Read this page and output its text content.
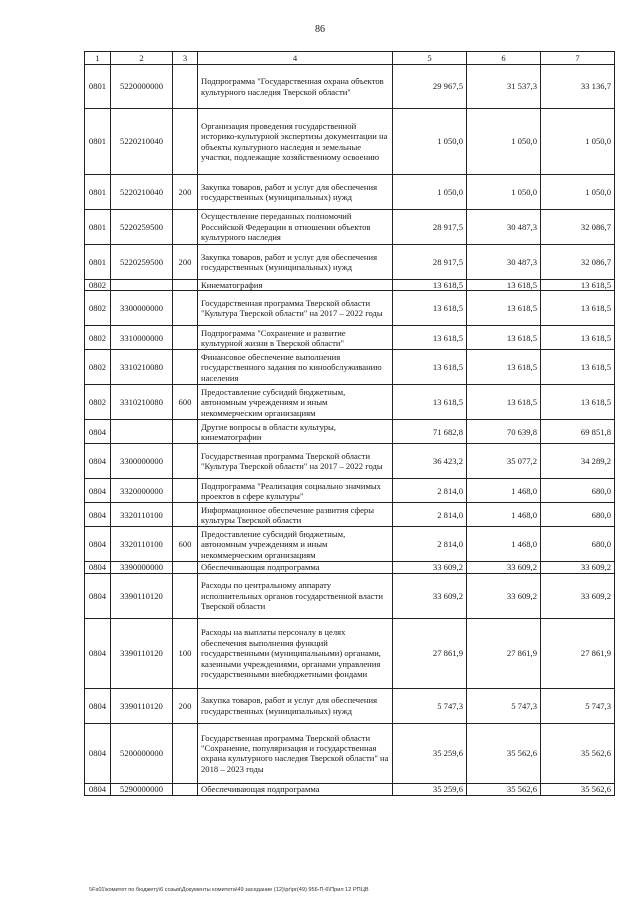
86
1	2	3	4	5	6	7
0801	5220000000		Подпрограмма "Государственная охрана объектов культурного наследия Тверской области"	29 967,5	31 537,3	33 136,7
0801	5220210040		Организация проведения государственной историко-культурной экспертизы документации на объекты культурного наследия и земельные участки, подлежащие хозяйственному освоению	1 050,0	1 050,0	1 050,0
0801	5220210040	200	Закупка товаров, работ и услуг для обеспечения государственных (муниципальных) нужд	1 050,0	1 050,0	1 050,0
0801	5220259500		Осуществление переданных полномочий Российской Федерации в отношении объектов культурного наследия	28 917,5	30 487,3	32 086,7
0801	5220259500	200	Закупка товаров, работ и услуг для обеспечения государственных (муниципальных) нужд	28 917,5	30 487,3	32 086,7
0802			Кинематография	13 618,5	13 618,5	13 618,5
0802	3300000000		Государственная программа Тверской области "Культура Тверской области" на 2017 – 2022 годы	13 618,5	13 618,5	13 618,5
0802	3310000000		Подпрограмма "Сохранение и развитие культурной жизни в Тверской области"	13 618,5	13 618,5	13 618,5
0802	3310210080		Финансовое обеспечение выполнения государственного задания по кинообслуживанию населения	13 618,5	13 618,5	13 618,5
0802	3310210080	600	Предоставление субсидий бюджетным, автономным учреждениям и иным некоммерческим организациям	13 618,5	13 618,5	13 618,5
0804			Другие вопросы в области культуры, кинематографии	71 682,8	70 639,8	69 851,8
0804	3300000000		Государственная программа Тверской области "Культура Тверской области" на 2017 – 2022 годы	36 423,2	35 077,2	34 289,2
0804	3320000000		Подпрограмма "Реализация социально значимых проектов в сфере культуры"	2 814,0	1 468,0	680,0
0804	3320110100		Информационное обеспечение развития сферы культуры Тверской области	2 814,0	1 468,0	680,0
0804	3320110100	600	Предоставление субсидий бюджетным, автономным учреждениям и иным некоммерческим организациям	2 814,0	1 468,0	680,0
0804	3390000000		Обеспечивающая подпрограмма	33 609,2	33 609,2	33 609,2
0804	3390110120		Расходы по центральному аппарату исполнительных органов государственной власти Тверской области	33 609,2	33 609,2	33 609,2
0804	3390110120	100	Расходы на выплаты персоналу в целях обеспечения выполнения функций государственными (муниципальными) органами, казенными учреждениями, органами управления государственными внебюджетными фондами	27 861,9	27 861,9	27 861,9
0804	3390110120	200	Закупка товаров, работ и услуг для обеспечения государственных (муниципальных) нужд	5 747,3	5 747,3	5 747,3
0804	5200000000		Государственная программа Тверской области "Сохранение, популяризация и государственная охрана культурного наследия Тверской области" на 2018 – 2023 годы	35 259,6	35 562,6	35 562,6
0804	5290000000		Обеспечивающая подпрограмма	35 259,6	35 562,6	35 562,6
\\Fs01\комитет по бюджету\6 созыв\Документы комитета\49 заседание (12)\pr\pr(49) 956-П-6\Прил 12 РПЦВ
